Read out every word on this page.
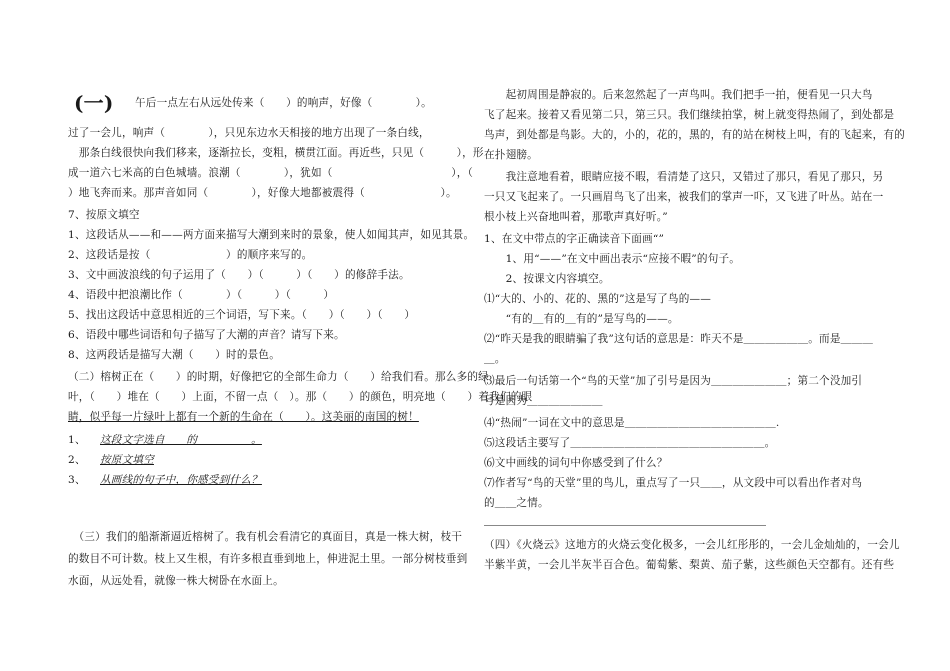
(一) 午后一点左右从远处传来（　　）的响声，好像（　　　　）。
过了一会儿，响声（　　　　），只见东边水天相接的地方出现了一条白线，
　那条白线很快向我们移来，逐渐拉长，变粗，横贯江面。再近些，只见（　　　），形
成一道六七米高的白色城墙。浪潮（　　　　），犹如（　　　　　　　　　　　），（
）地飞奔而来。那声音如同（　　　　），好像大地都被震得（　　　　　　　）。
7、按原文填空
1、这段话从——和——两方面来描写大潮到来时的景象，使人如闻其声，如见其景。
2、这段话是按（　　　　　　　）的顺序来写的。
3、文中画波浪线的句子运用了（　　）（　　　）（　　）的修辞手法。
4、语段中把浪潮比作（　　　　）（　　　）（　　　）
5、找出这段话中意思相近的三个词语，写下来。（　　）（　　）（　　）
6、语段中哪些词语和句子描写了大潮的声音？请写下来。
8、这两段话是描写大潮（　　）时的景色。
（二）榕树正在（　　）的时期，好像把它的全部生命力（　　）给我们看。那么多的绿
叶，（　　）堆在（　　）上面，不留一点（　）。那（　　）的颜色，明亮地（　　）着我们的眼
睛，似乎每一片绿叶上都有一个新的生命在（　　）。这美丽的南国的树！
1、 这段文字选自　　的　　　　　。
2、 按原文填空
3、 从画线的句子中，你感受到什么？
　（三）我们的船渐渐逼近榕树了。我有机会看清它的真面目，真是一株大树，枝干
的数目不可计数。枝上又生根，有许多根直垂到地上，伸进泥土里。一部分树枝垂到
水面，从远处看，就像一株大树卧在水面上。
　　起初周围是静寂的。后来忽然起了一声鸟叫。我们把手一拍，便看见一只大鸟
飞了起来。接着又看见第二只，第三只。我们继续拍掌，树上就变得热闹了，到处都是
鸟声，到处都是鸟影。大的，小的，花的，黑的，有的站在树枝上叫，有的飞起来，有的
在扑翅膀。
　　我注意地看着，眼睛应接不暇，看清楚了这只，又错过了那只，看见了那只，另
一只又飞起来了。一只画眉鸟飞了出来，被我们的掌声一吓，又飞进了叶丛。站在一
根小枝上兴奋地叫着，那歌声真好听。”
1、在文中带点的字正确读音下面画“”
　　1、用“——”在文中画出表示“应接不暇”的句子。
　　2、按课文内容填空。
⑴“大的、小的、花的、黑的”这是写了鸟的——
　　“有的＿有的＿有的”是写鸟的——。
⑵“昨天是我的眼睛骗了我”这句话的意思是：昨天不是＿＿＿＿＿＿。而是＿＿＿
＿。
⑶最后一句话第一个“鸟的天堂”加了引号是因为＿＿＿＿＿＿＿；第二个没加引
号是因为＿＿＿＿＿＿＿
⑷“热闹”一词在文中的意思是＿＿＿＿＿＿＿＿＿＿＿＿＿＿.
⑸这段话主要写了＿＿＿＿＿＿＿＿＿＿＿＿＿＿＿＿＿＿。
⑹文中画线的词句中你感受到了什么？
⑺作者写“鸟的天堂”里的鸟儿，重点写了一只＿＿，从文段中可以看出作者对鸟
的＿＿之情。
（四）《火烧云》这地方的火烧云变化极多，一会儿红彤彤的，一会儿金灿灿的，一会儿
半紫半黄，一会儿半灰半百合色。葡萄紫、梨黄、茄子紫，这些颜色天空都有。还有些
